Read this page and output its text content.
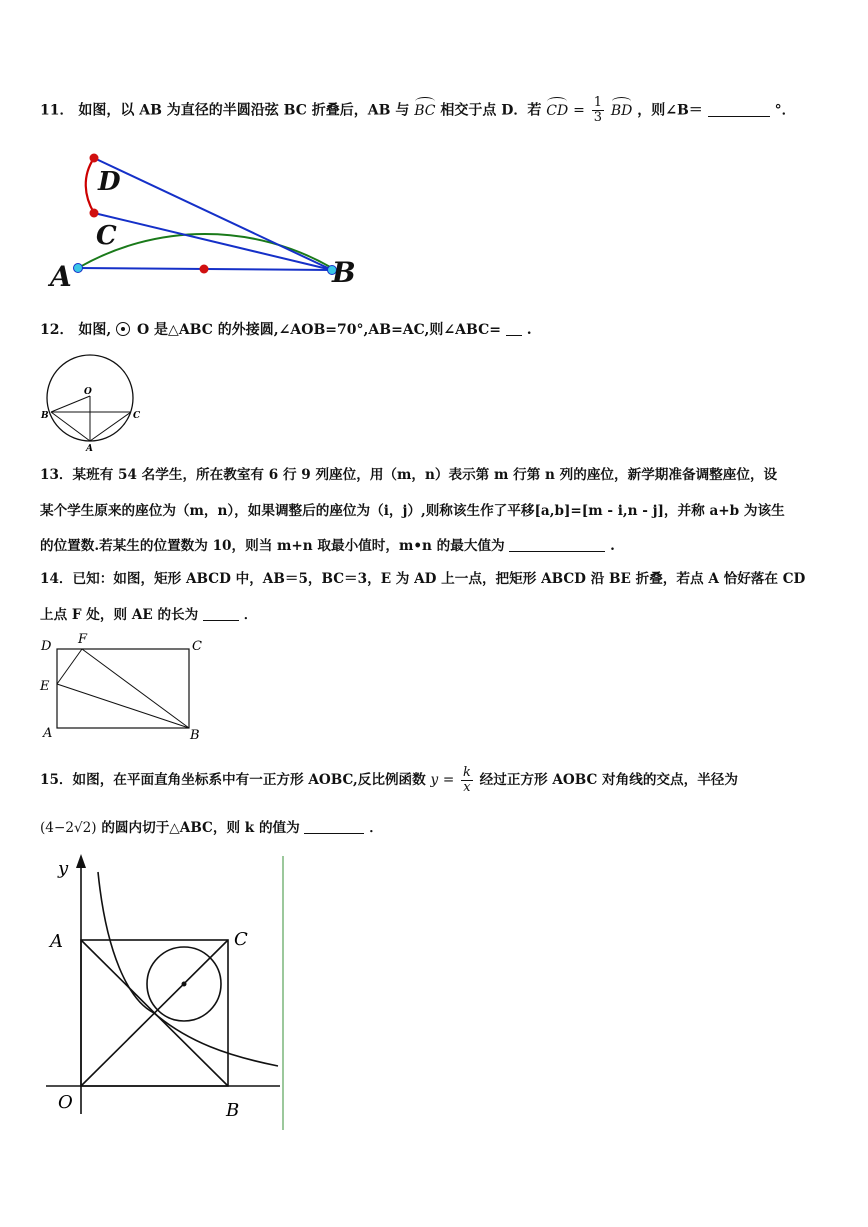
11． 如图，以 AB 为直径的半圆沿弦 BC 折叠后，AB 与 BC 相交于点 D．若 CD = $\frac{1}{3}$ BD ，则∠B＝	°．
D
C
A	B
12． 如图, O 是△ABC 的外接圆,∠AOB=70°,AB=AC,则∠ABC= .
O
B	C
A
13．某班有 54 名学生，所在教室有 6 行 9 列座位，用（m，n）表示第 m 行第 n 列的座位，新学期准备调整座位，设
某个学生原来的座位为（m，n），如果调整后的座位为（i，j）,则称该生作了平移[a,b]=[m - i,n - j]，并称 a+b 为该生
的位置数.若某生的位置数为 10，则当 m+n 取最小值时，m•n 的最大值为	.
14．已知：如图，矩形 ABCD 中，AB＝5，BC＝3，E 为 AD 上一点，把矩形 ABCD 沿 BE 折叠，若点 A 恰好落在 CD
上点 F 处，则 AE 的长为	．
D F	C
E
A	B
15．如图，在平面直角坐标系中有一正方形 AOBC,反比例函数 $y = \frac{k}{x}$ 经过正方形 AOBC 对角线的交点，半径为
(4−2√2) 的圆内切于△ABC，则 k 的值为	．
y
A	C
O	B
